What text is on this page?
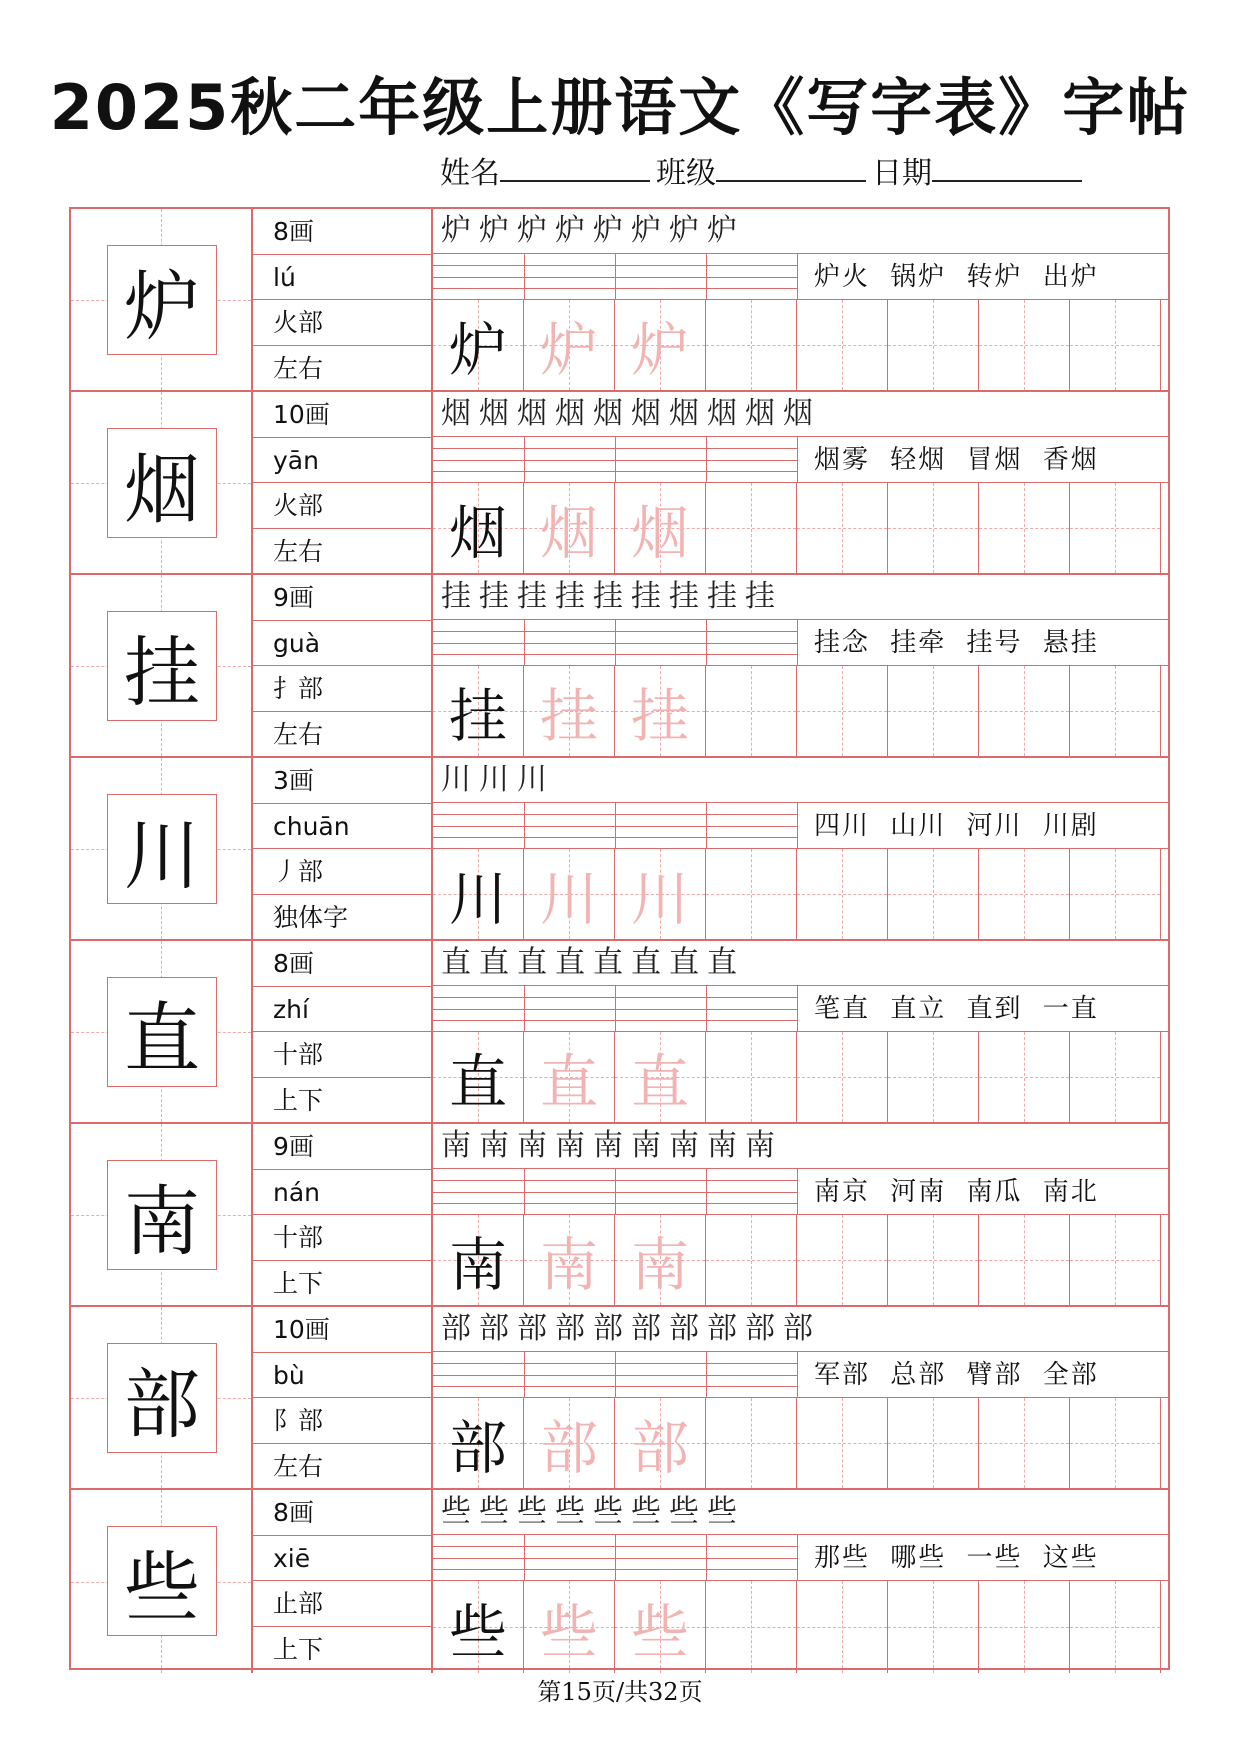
2025秋二年级上册语文《写字表》字帖
姓名	班级	日期
炉
8画
lú
火部
左右
炉炉炉炉炉炉炉炉
炉火 锅炉 转炉 出炉
炉 炉 炉
烟
10画
yān
火部
左右
烟烟烟烟烟烟烟烟烟烟
烟雾 轻烟 冒烟 香烟
烟 烟 烟
挂
9画
guà
扌部
左右
挂挂挂挂挂挂挂挂挂
挂念 挂牵 挂号 悬挂
挂 挂 挂
川
3画
chuān
丿部
独体字
川川川
四川 山川 河川 川剧
川 川 川
直
8画
zhí
十部
上下
直直直直直直直直
笔直 直立 直到 一直
直 直 直
南
9画
nán
十部
上下
南南南南南南南南南
南京 河南 南瓜 南北
南 南 南
部
10画
bù
阝部
左右
部部部部部部部部部部
军部 总部 臂部 全部
部 部 部
些
8画
xiē
止部
上下
些些些些些些些些
那些 哪些 一些 这些
些 些 些
第15页/共32页
